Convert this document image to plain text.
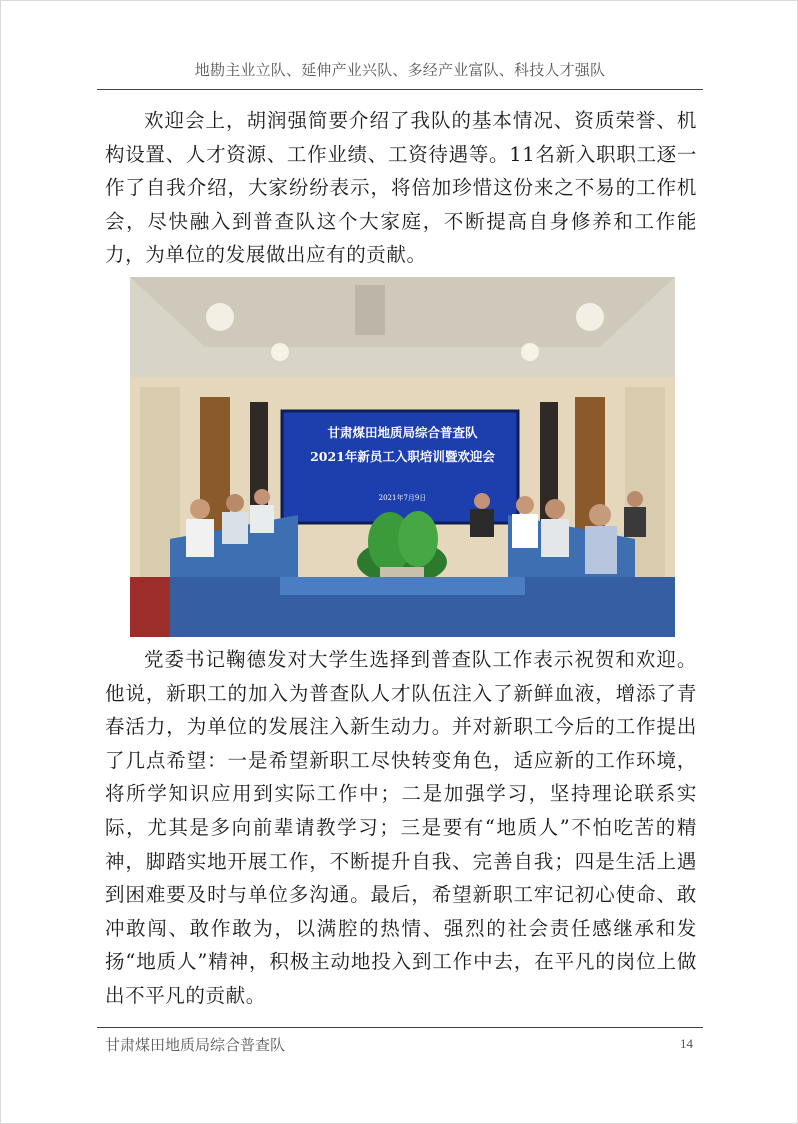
地勘主业立队、延伸产业兴队、多经产业富队、科技人才强队

欢迎会上，胡润强简要介绍了我队的基本情况、资质荣誉、机构设置、人才资源、工作业绩、工资待遇等。11名新入职职工逐一作了自我介绍，大家纷纷表示，将倍加珍惜这份来之不易的工作机会，尽快融入到普查队这个大家庭，不断提高自身修养和工作能力，为单位的发展做出应有的贡献。

甘肃煤田地质局综合普查队
2021年新员工入职培训暨欢迎会
2021年7月9日

党委书记鞠德发对大学生选择到普查队工作表示祝贺和欢迎。他说，新职工的加入为普查队人才队伍注入了新鲜血液，增添了青春活力，为单位的发展注入新生动力。并对新职工今后的工作提出了几点希望：一是希望新职工尽快转变角色，适应新的工作环境，将所学知识应用到实际工作中；二是加强学习，坚持理论联系实际，尤其是多向前辈请教学习；三是要有“地质人”不怕吃苦的精神，脚踏实地开展工作，不断提升自我、完善自我；四是生活上遇到困难要及时与单位多沟通。最后，希望新职工牢记初心使命、敢冲敢闯、敢作敢为，以满腔的热情、强烈的社会责任感继承和发扬“地质人”精神，积极主动地投入到工作中去，在平凡的岗位上做出不平凡的贡献。

甘肃煤田地质局综合普查队	14
